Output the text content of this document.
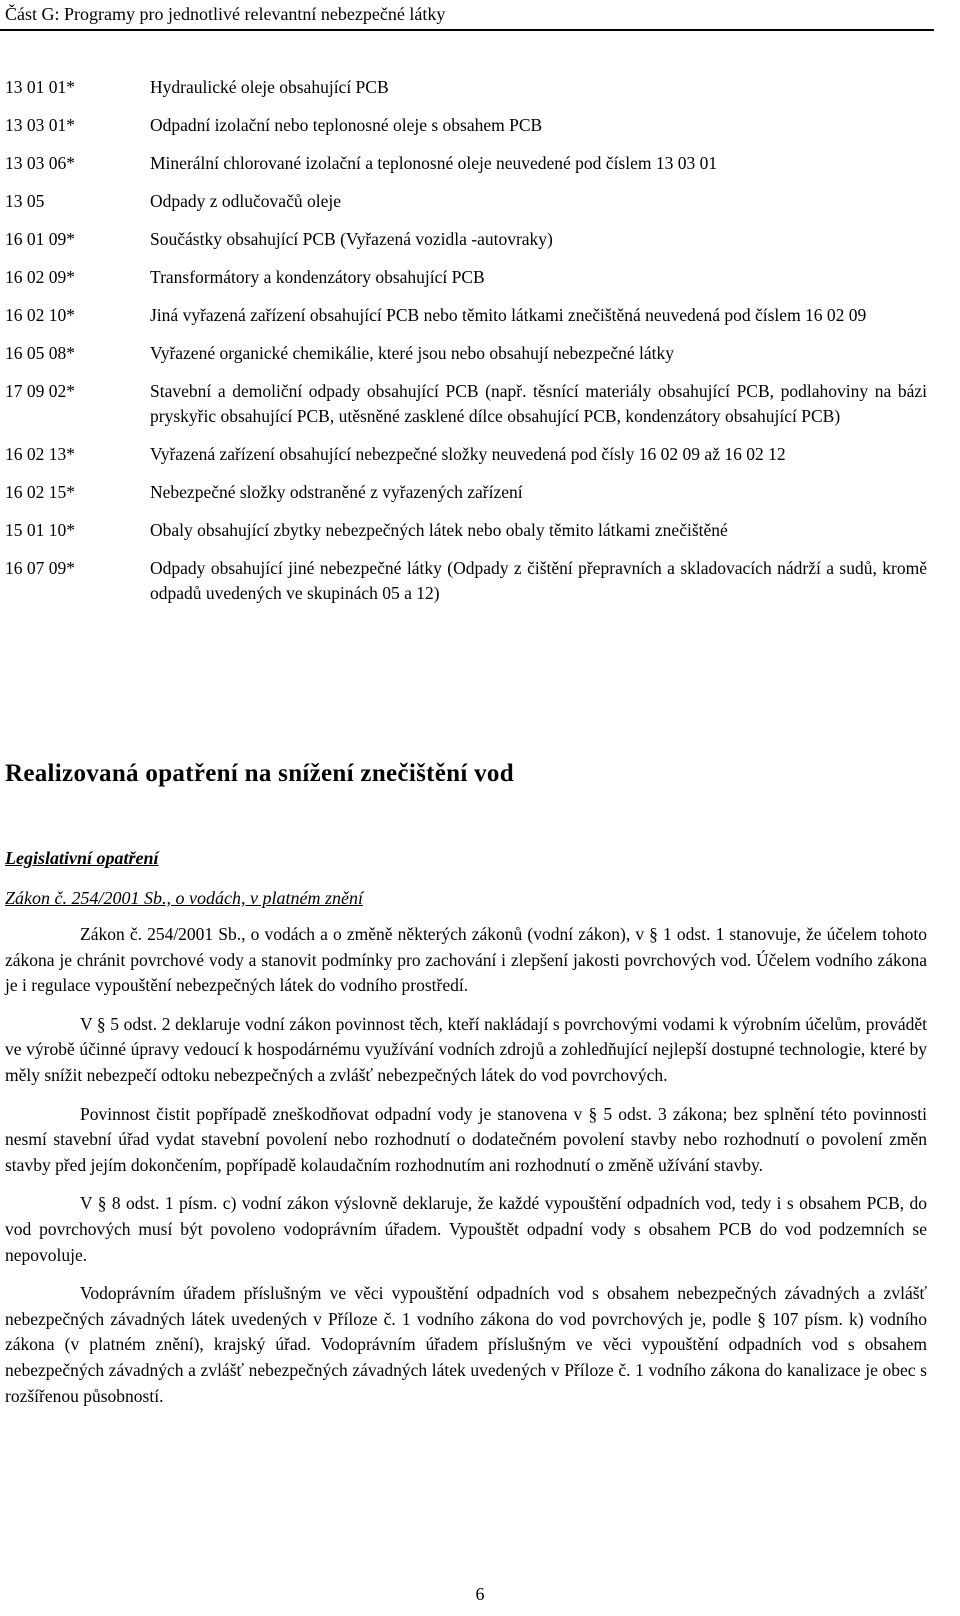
Část G: Programy pro jednotlivé relevantní nebezpečné látky
13 01 01*	Hydraulické oleje obsahující PCB
13 03 01*	Odpadní izolační nebo teplonosné oleje s obsahem PCB
13 03 06*	Minerální chlorované izolační a teplonosné oleje neuvedené pod číslem 13 03 01
13 05	Odpady z odlučovačů oleje
16 01 09*	Součástky obsahující PCB (Vyřazená vozidla -autovraky)
16 02 09*	Transformátory a kondenzátory obsahující PCB
16 02 10*	Jiná vyřazená zařízení obsahující PCB nebo těmito látkami znečištěná neuvedená pod číslem 16 02 09
16 05 08*	Vyřazené organické chemikálie, které jsou nebo obsahují nebezpečné látky
17 09 02*	Stavební a demoliční odpady obsahující PCB (např. těsnící materiály obsahující PCB, podlahoviny na bázi pryskyřic obsahující PCB, utěsněné zasklené dílce obsahující PCB, kondenzátory obsahující PCB)
16 02 13*	Vyřazená zařízení obsahující nebezpečné složky neuvedená pod čísly 16 02 09 až 16 02 12
16 02 15*	Nebezpečné složky odstraněné z vyřazených zařízení
15 01 10*	Obaly obsahující zbytky nebezpečných látek nebo obaly těmito látkami znečištěné
16 07 09*	Odpady obsahující jiné nebezpečné látky (Odpady z čištění přepravních a skladovacích nádrží a sudů, kromě odpadů uvedených ve skupinách 05 a 12)
Realizovaná opatření na snížení znečištění vod
Legislativní opatření
Zákon č. 254/2001 Sb., o vodách, v platném znění

Zákon č. 254/2001 Sb., o vodách a o změně některých zákonů (vodní zákon), v § 1 odst. 1 stanovuje, že účelem tohoto zákona je chránit povrchové vody a stanovit podmínky pro zachování i zlepšení jakosti povrchových vod. Účelem vodního zákona je i regulace vypouštění nebezpečných látek do vodního prostředí.

V § 5 odst. 2 deklaruje vodní zákon povinnost těch, kteří nakládají s povrchovými vodami k výrobním účelům, provádět ve výrobě účinné úpravy vedoucí k hospodárnému využívání vodních zdrojů a zohledňující nejlepší dostupné technologie, které by měly snížit nebezpečí odtoku nebezpečných a zvlášť nebezpečných látek do vod povrchových.

Povinnost čistit popřípadě zneškodňovat odpadní vody je stanovena v § 5 odst. 3 zákona; bez splnění této povinnosti nesmí stavební úřad vydat stavební povolení nebo rozhodnutí o dodatečném povolení stavby nebo rozhodnutí o povolení změn stavby před jejím dokončením, popřípadě kolaudačním rozhodnutím ani rozhodnutí o změně užívání stavby.

V § 8 odst. 1 písm. c) vodní zákon výslovně deklaruje, že každé vypouštění odpadních vod, tedy i s obsahem PCB, do vod povrchových musí být povoleno vodoprávním úřadem. Vypouštět odpadní vody s obsahem PCB do vod podzemních se nepovoluje.

Vodoprávním úřadem příslušným ve věci vypouštění odpadních vod s obsahem nebezpečných závadných a zvlášť nebezpečných závadných látek uvedených v Příloze č. 1 vodního zákona do vod povrchových je, podle § 107 písm. k) vodního zákona (v platném znění), krajský úřad. Vodoprávním úřadem příslušným ve věci vypouštění odpadních vod s obsahem nebezpečných závadných a zvlášť nebezpečných závadných látek uvedených v Příloze č. 1 vodního zákona do kanalizace je obec s rozšířenou působností.

6
